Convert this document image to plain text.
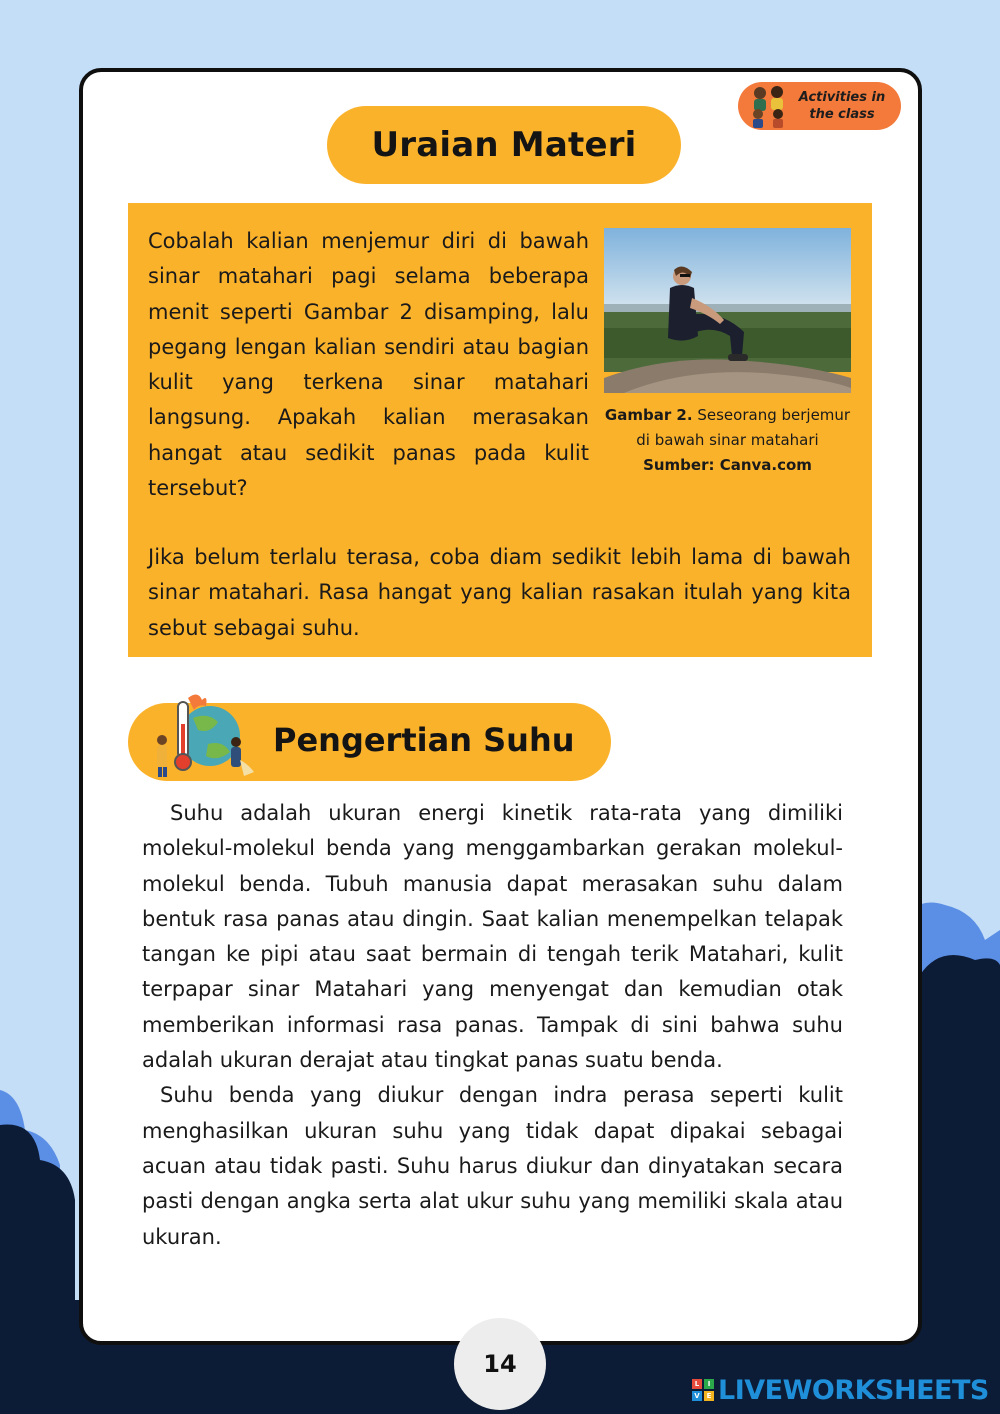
Activities in
the class
Uraian Materi

Cobalah kalian menjemur diri di bawah sinar matahari pagi selama beberapa menit seperti Gambar 2 disamping, lalu pegang lengan kalian sendiri atau bagian kulit yang terkena sinar matahari langsung. Apakah kalian merasakan hangat atau sedikit panas pada kulit tersebut?

Gambar 2. Seseorang berjemur di bawah sinar matahari
Sumber: Canva.com

Jika belum terlalu terasa, coba diam sedikit lebih lama di bawah sinar matahari. Rasa hangat yang kalian rasakan itulah yang kita sebut sebagai suhu.

Pengertian Suhu

Suhu adalah ukuran energi kinetik rata-rata yang dimiliki molekul-molekul benda yang menggambarkan gerakan molekul-molekul benda. Tubuh manusia dapat merasakan suhu dalam bentuk rasa panas atau dingin. Saat kalian menempelkan telapak tangan ke pipi atau saat bermain di tengah terik Matahari, kulit terpapar sinar Matahari yang menyengat dan kemudian otak memberikan informasi rasa panas. Tampak di sini bahwa suhu adalah ukuran derajat atau tingkat panas suatu benda.

Suhu benda yang diukur dengan indra perasa seperti kulit menghasilkan ukuran suhu yang tidak dapat dipakai sebagai acuan atau tidak pasti. Suhu harus diukur dan dinyatakan secara pasti dengan angka serta alat ukur suhu yang memiliki skala atau ukuran.

14
L	I
V E LIVEWORKSHEETS
